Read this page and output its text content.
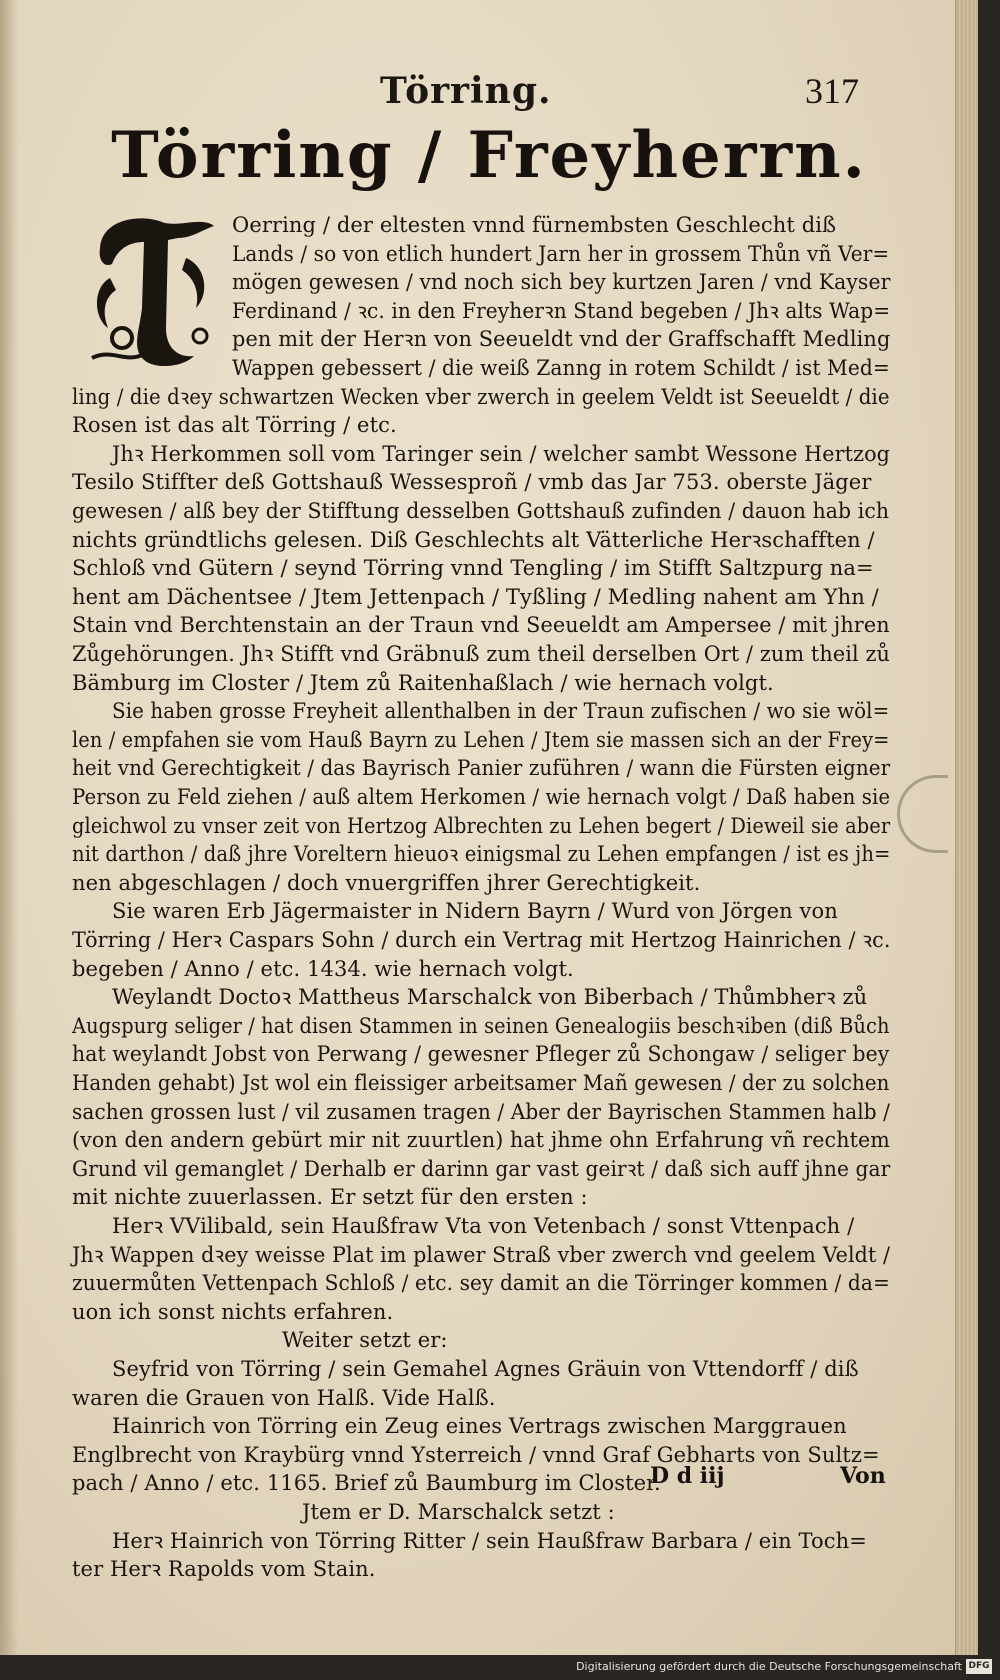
Törring.	317
Törring / Freyherrn.
Oerring / der eltesten vnnd fürnembsten Geschlecht diß
Lands / so von etlich hundert Jarn her in grossem Thůn vñ Ver=
mögen gewesen / vnd noch sich bey kurtzen Jaren / vnd Kayser
Ferdinand / ꝛc. in den Freyherꝛn Stand begeben / Jhꝛ alts Wap=
pen mit der Herꝛn von Seeueldt vnd der Graffschafft Medling
Wappen gebessert / die weiß Zanng in rotem Schildt / ist Med=
ling / die dꝛey schwartzen Wecken vber zwerch in geelem Veldt ist Seeueldt / die
Rosen ist das alt Törring / etc.
Jhꝛ Herkommen soll vom Taringer sein / welcher sambt Wessone Hertzog
Tesilo Stiffter deß Gottshauß Wessesproñ / vmb das Jar 753. oberste Jäger
gewesen / alß bey der Stifftung desselben Gottshauß zufinden / dauon hab ich
nichts gründtlichs gelesen. Diß Geschlechts alt Vätterliche Herꝛschafften /
Schloß vnd Gütern / seynd Törring vnnd Tengling / im Stifft Saltzpurg na=
hent am Dächentsee / Jtem Jettenpach / Tyßling / Medling nahent am Yhn /
Stain vnd Berchtenstain an der Traun vnd Seeueldt am Ampersee / mit jhren
Zůgehörungen. Jhꝛ Stifft vnd Gräbnuß zum theil derselben Ort / zum theil zů
Bämburg im Closter / Jtem zů Raitenhaßlach / wie hernach volgt.
Sie haben grosse Freyheit allenthalben in der Traun zufischen / wo sie wöl=
len / empfahen sie vom Hauß Bayrn zu Lehen / Jtem sie massen sich an der Frey=
heit vnd Gerechtigkeit / das Bayrisch Panier zuführen / wann die Fürsten eigner
Person zu Feld ziehen / auß altem Herkomen / wie hernach volgt / Daß haben sie
gleichwol zu vnser zeit von Hertzog Albrechten zu Lehen begert / Dieweil sie aber
nit darthon / daß jhre Voreltern hieuoꝛ einigsmal zu Lehen empfangen / ist es jh=
nen abgeschlagen / doch vnuergriffen jhrer Gerechtigkeit.
Sie waren Erb Jägermaister in Nidern Bayrn / Wurd von Jörgen von
Törring / Herꝛ Caspars Sohn / durch ein Vertrag mit Hertzog Hainrichen / ꝛc.
begeben / Anno / etc. 1434. wie hernach volgt.
Weylandt Doctoꝛ Mattheus Marschalck von Biberbach / Thůmbherꝛ zů
Augspurg seliger / hat disen Stammen in seinen Genealogiis beschꝛiben (diß Bůch
hat weylandt Jobst von Perwang / gewesner Pfleger zů Schongaw / seliger bey
Handen gehabt) Jst wol ein fleissiger arbeitsamer Mañ gewesen / der zu solchen
sachen grossen lust / vil zusamen tragen / Aber der Bayrischen Stammen halb /
(von den andern gebürt mir nit zuurtlen) hat jhme ohn Erfahrung vñ rechtem
Grund vil gemanglet / Derhalb er darinn gar vast geirꝛt / daß sich auff jhne gar
mit nichte zuuerlassen. Er setzt für den ersten :
Herꝛ VVilibald, sein Haußfraw Vta von Vetenbach / sonst Vttenpach /
Jhꝛ Wappen dꝛey weisse Plat im plawer Straß vber zwerch vnd geelem Veldt /
zuuermůten Vettenpach Schloß / etc. sey damit an die Törringer kommen / da=
uon ich sonst nichts erfahren.
Weiter setzt er:
Seyfrid von Törring / sein Gemahel Agnes Gräuin von Vttendorff / diß
waren die Grauen von Halß. Vide Halß.
Hainrich von Törring ein Zeug eines Vertrags zwischen Marggrauen
Englbrecht von Kraybürg vnnd Ysterreich / vnnd Graf Gebharts von Sultz=
pach / Anno / etc. 1165. Brief zů Baumburg im Closter.
Jtem er D. Marschalck setzt :
Herꝛ Hainrich von Törring Ritter / sein Haußfraw Barbara / ein Toch=
ter Herꝛ Rapolds vom Stain.
D d iij	Von
Digitalisierung gefördert durch die Deutsche Forschungsgemeinschaft DFG
